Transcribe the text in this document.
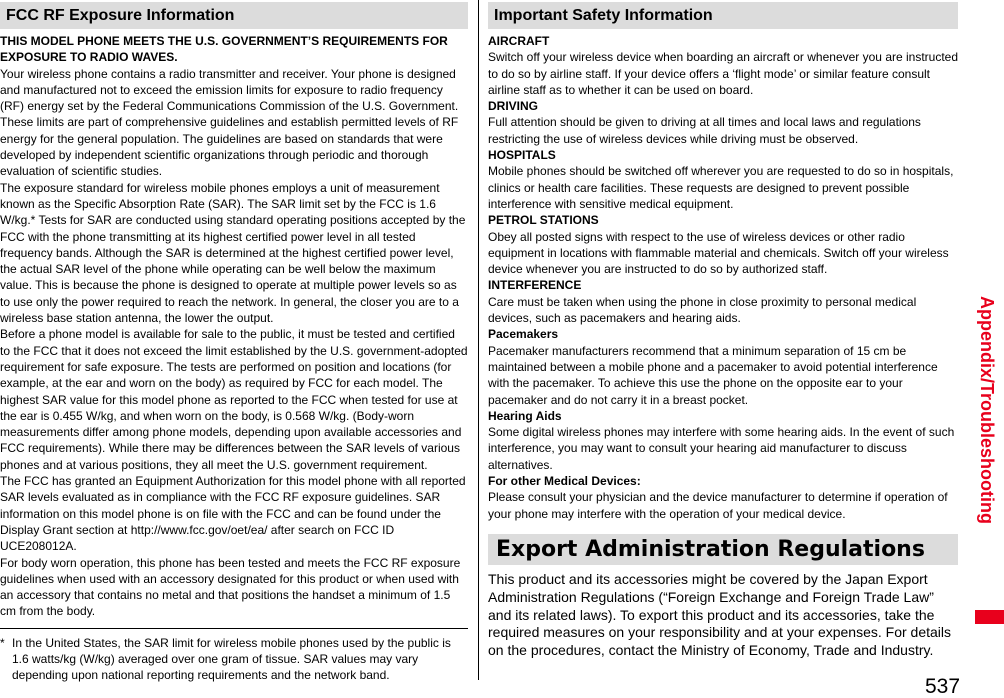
FCC RF Exposure Information

THIS MODEL PHONE MEETS THE U.S. GOVERNMENT’S REQUIREMENTS FOR EXPOSURE TO RADIO WAVES.

Your wireless phone contains a radio transmitter and receiver. Your phone is designed and manufactured not to exceed the emission limits for exposure to radio frequency (RF) energy set by the Federal Communications Commission of the U.S. Government. These limits are part of comprehensive guidelines and establish permitted levels of RF energy for the general population. The guidelines are based on standards that were developed by independent scientific organizations through periodic and thorough evaluation of scientific studies.

The exposure standard for wireless mobile phones employs a unit of measurement known as the Specific Absorption Rate (SAR). The SAR limit set by the FCC is 1.6 W/kg.* Tests for SAR are conducted using standard operating positions accepted by the FCC with the phone transmitting at its highest certified power level in all tested frequency bands. Although the SAR is determined at the highest certified power level, the actual SAR level of the phone while operating can be well below the maximum value. This is because the phone is designed to operate at multiple power levels so as to use only the power required to reach the network. In general, the closer you are to a wireless base station antenna, the lower the output.

Before a phone model is available for sale to the public, it must be tested and certified to the FCC that it does not exceed the limit established by the U.S. government-adopted requirement for safe exposure. The tests are performed on position and locations (for example, at the ear and worn on the body) as required by FCC for each model. The highest SAR value for this model phone as reported to the FCC when tested for use at the ear is 0.455 W/kg, and when worn on the body, is 0.568 W/kg. (Body-worn measurements differ among phone models, depending upon available accessories and FCC requirements). While there may be differences between the SAR levels of various phones and at various positions, they all meet the U.S. government requirement.

The FCC has granted an Equipment Authorization for this model phone with all reported SAR levels evaluated as in compliance with the FCC RF exposure guidelines. SAR information on this model phone is on file with the FCC and can be found under the Display Grant section at http://www.fcc.gov/oet/ea/ after search on FCC ID UCE208012A.

For body worn operation, this phone has been tested and meets the FCC RF exposure guidelines when used with an accessory designated for this product or when used with an accessory that contains no metal and that positions the handset a minimum of 1.5 cm from the body.

* In the United States, the SAR limit for wireless mobile phones used by the public is 1.6 watts/kg (W/kg) averaged over one gram of tissue. SAR values may vary depending upon national reporting requirements and the network band.
Important Safety Information

AIRCRAFT

Switch off your wireless device when boarding an aircraft or whenever you are instructed to do so by airline staff. If your device offers a ‘flight mode’ or similar feature consult airline staff as to whether it can be used on board.

DRIVING

Full attention should be given to driving at all times and local laws and regulations restricting the use of wireless devices while driving must be observed.

HOSPITALS

Mobile phones should be switched off wherever you are requested to do so in hospitals, clinics or health care facilities. These requests are designed to prevent possible interference with sensitive medical equipment.

PETROL STATIONS

Obey all posted signs with respect to the use of wireless devices or other radio equipment in locations with flammable material and chemicals. Switch off your wireless device whenever you are instructed to do so by authorized staff.

INTERFERENCE

Care must be taken when using the phone in close proximity to personal medical devices, such as pacemakers and hearing aids.

Pacemakers

Pacemaker manufacturers recommend that a minimum separation of 15 cm be maintained between a mobile phone and a pacemaker to avoid potential interference with the pacemaker. To achieve this use the phone on the opposite ear to your pacemaker and do not carry it in a breast pocket.

Hearing Aids

Some digital wireless phones may interfere with some hearing aids. In the event of such interference, you may want to consult your hearing aid manufacturer to discuss alternatives.

For other Medical Devices:

Please consult your physician and the device manufacturer to determine if operation of your phone may interfere with the operation of your medical device.

Export Administration Regulations
This product and its accessories might be covered by the Japan Export Administration Regulations (“Foreign Exchange and Foreign Trade Law” and its related laws). To export this product and its accessories, take the required measures on your responsibility and at your expenses. For details on the procedures, contact the Ministry of Economy, Trade and Industry.
Appendix/Troubleshooting
537
